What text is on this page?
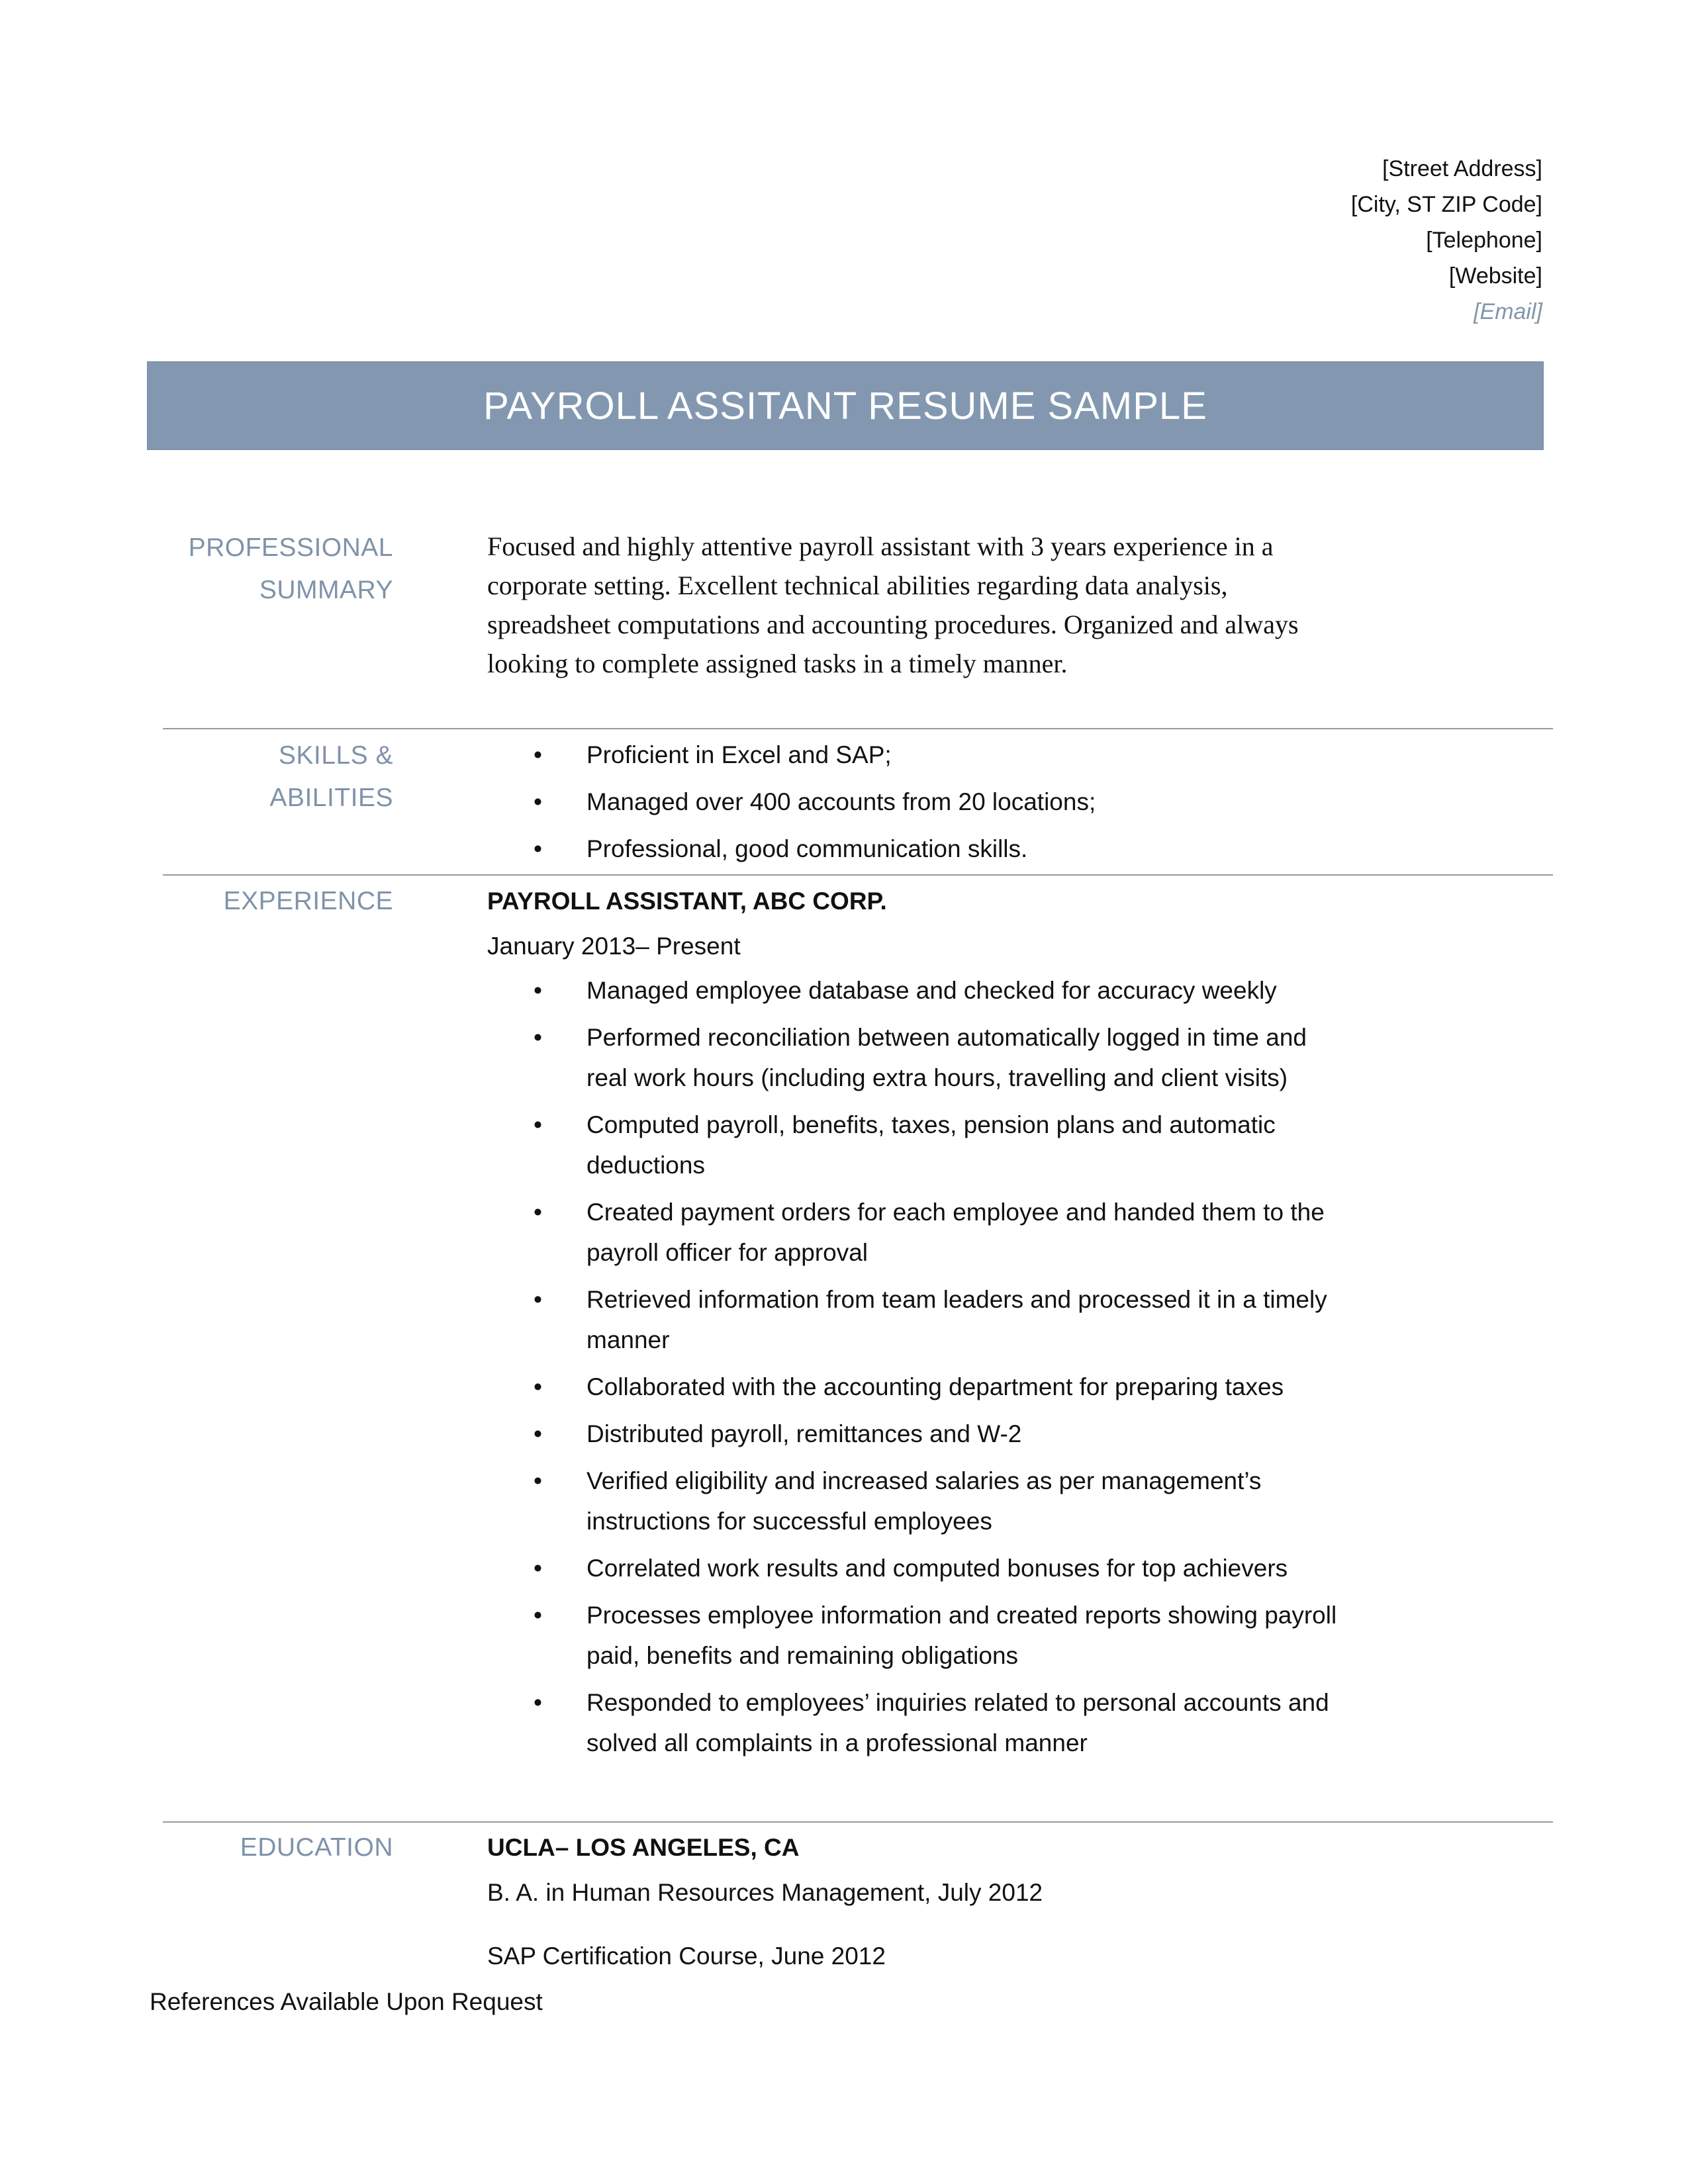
[Street Address]
[City, ST ZIP Code]
[Telephone]
[Website]
[Email]
PAYROLL ASSITANT RESUME SAMPLE
PROFESSIONAL
SUMMARY
Focused and highly attentive payroll assistant with 3 years experience in a corporate setting. Excellent technical abilities regarding data analysis, spreadsheet computations and accounting procedures. Organized and always looking to complete assigned tasks in a timely manner.
SKILLS & ABILITIES
• Proficient in Excel and SAP;
• Managed over 400 accounts from 20 locations;
• Professional, good communication skills.
EXPERIENCE	PAYROLL ASSISTANT, ABC CORP.
January 2013– Present
• Managed employee database and checked for accuracy weekly
• Performed reconciliation between automatically logged in time and real work hours (including extra hours, travelling and client visits)
• Computed payroll, benefits, taxes, pension plans and automatic deductions
• Created payment orders for each employee and handed them to the payroll officer for approval
• Retrieved information from team leaders and processed it in a timely manner
• Collaborated with the accounting department for preparing taxes
• Distributed payroll, remittances and W-2
• Verified eligibility and increased salaries as per management’s instructions for successful employees
• Correlated work results and computed bonuses for top achievers
• Processes employee information and created reports showing payroll paid, benefits and remaining obligations
• Responded to employees’ inquiries related to personal accounts and solved all complaints in a professional manner
EDUCATION	UCLA– LOS ANGELES, CA
B. A. in Human Resources Management, July 2012
SAP Certification Course, June 2012
References Available Upon Request
